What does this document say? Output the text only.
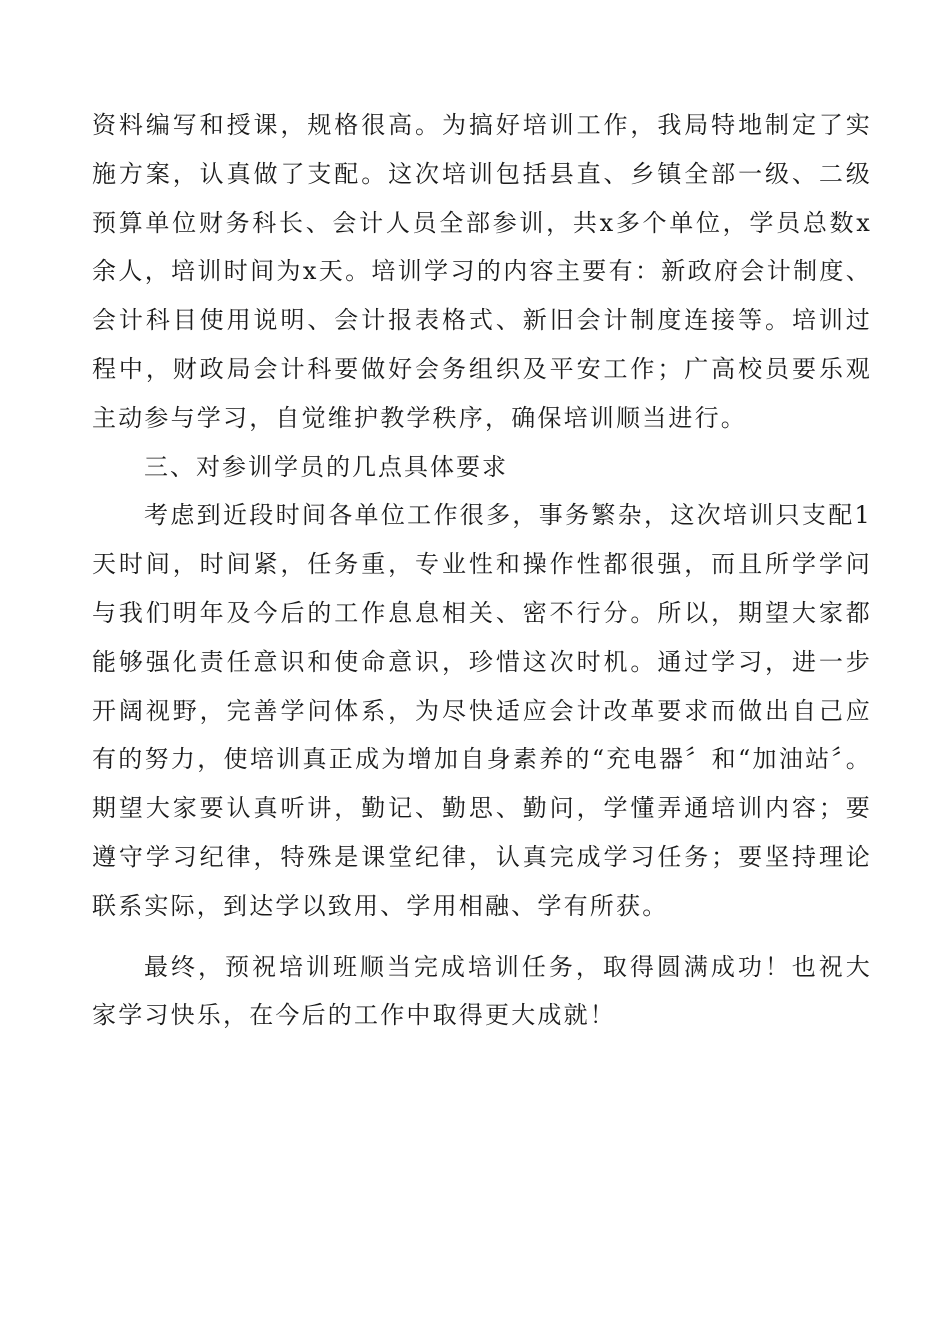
资料编写和授课，规格很高。为搞好培训工作，我局特地制定了实施方案，认真做了支配。这次培训包括县直、乡镇全部一级、二级预算单位财务科长、会计人员全部参训，共x多个单位，学员总数x余人，培训时间为x天。培训学习的内容主要有：新政府会计制度、会计科目使用说明、会计报表格式、新旧会计制度连接等。培训过程中，财政局会计科要做好会务组织及平安工作；广高校员要乐观主动参与学习，自觉维护教学秩序，确保培训顺当进行。

三、对参训学员的几点具体要求

考虑到近段时间各单位工作很多，事务繁杂，这次培训只支配1天时间，时间紧，任务重，专业性和操作性都很强，而且所学学问与我们明年及今后的工作息息相关、密不行分。所以，期望大家都能够强化责任意识和使命意识，珍惜这次时机。通过学习，进一步开阔视野，完善学问体系，为尽快适应会计改革要求而做出自己应有的努力，使培训真正成为增加自身素养的“充电器〞和“加油站〞。期望大家要认真听讲，勤记、勤思、勤问，学懂弄通培训内容；要遵守学习纪律，特殊是课堂纪律，认真完成学习任务；要坚持理论联系实际，到达学以致用、学用相融、学有所获。

最终，预祝培训班顺当完成培训任务，取得圆满成功！也祝大家学习快乐，在今后的工作中取得更大成就！
